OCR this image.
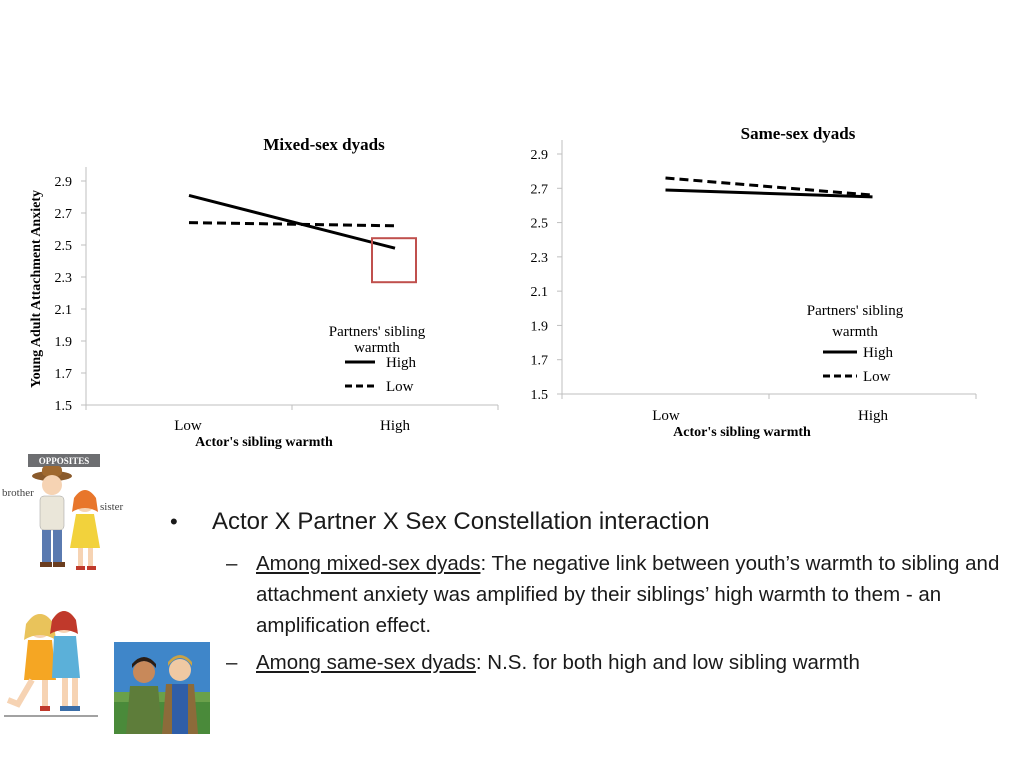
Mixed-sex dyads
1.5
1.7
1.9
2.1
2.3
2.5
2.7
2.9
Young Adult Attachment Anxiety
Low	High
Actor's sibling warmth
Partners' sibling
warmth
High
Low
Same-sex dyads
1.5
1.7
1.9
2.1
2.3
2.5
2.7
2.9
Low	High
Actor's sibling warmth
Partners' sibling
warmth
High
Low
OPPOSITES
brother
sister
•	Actor X Partner X Sex Constellation interaction
– Among mixed-sex dyads: The negative link between youth’s warmth to sibling and attachment anxiety was amplified by their siblings’ high warmth to them - an amplification effect.
– Among same-sex dyads: N.S. for both high and low sibling warmth
